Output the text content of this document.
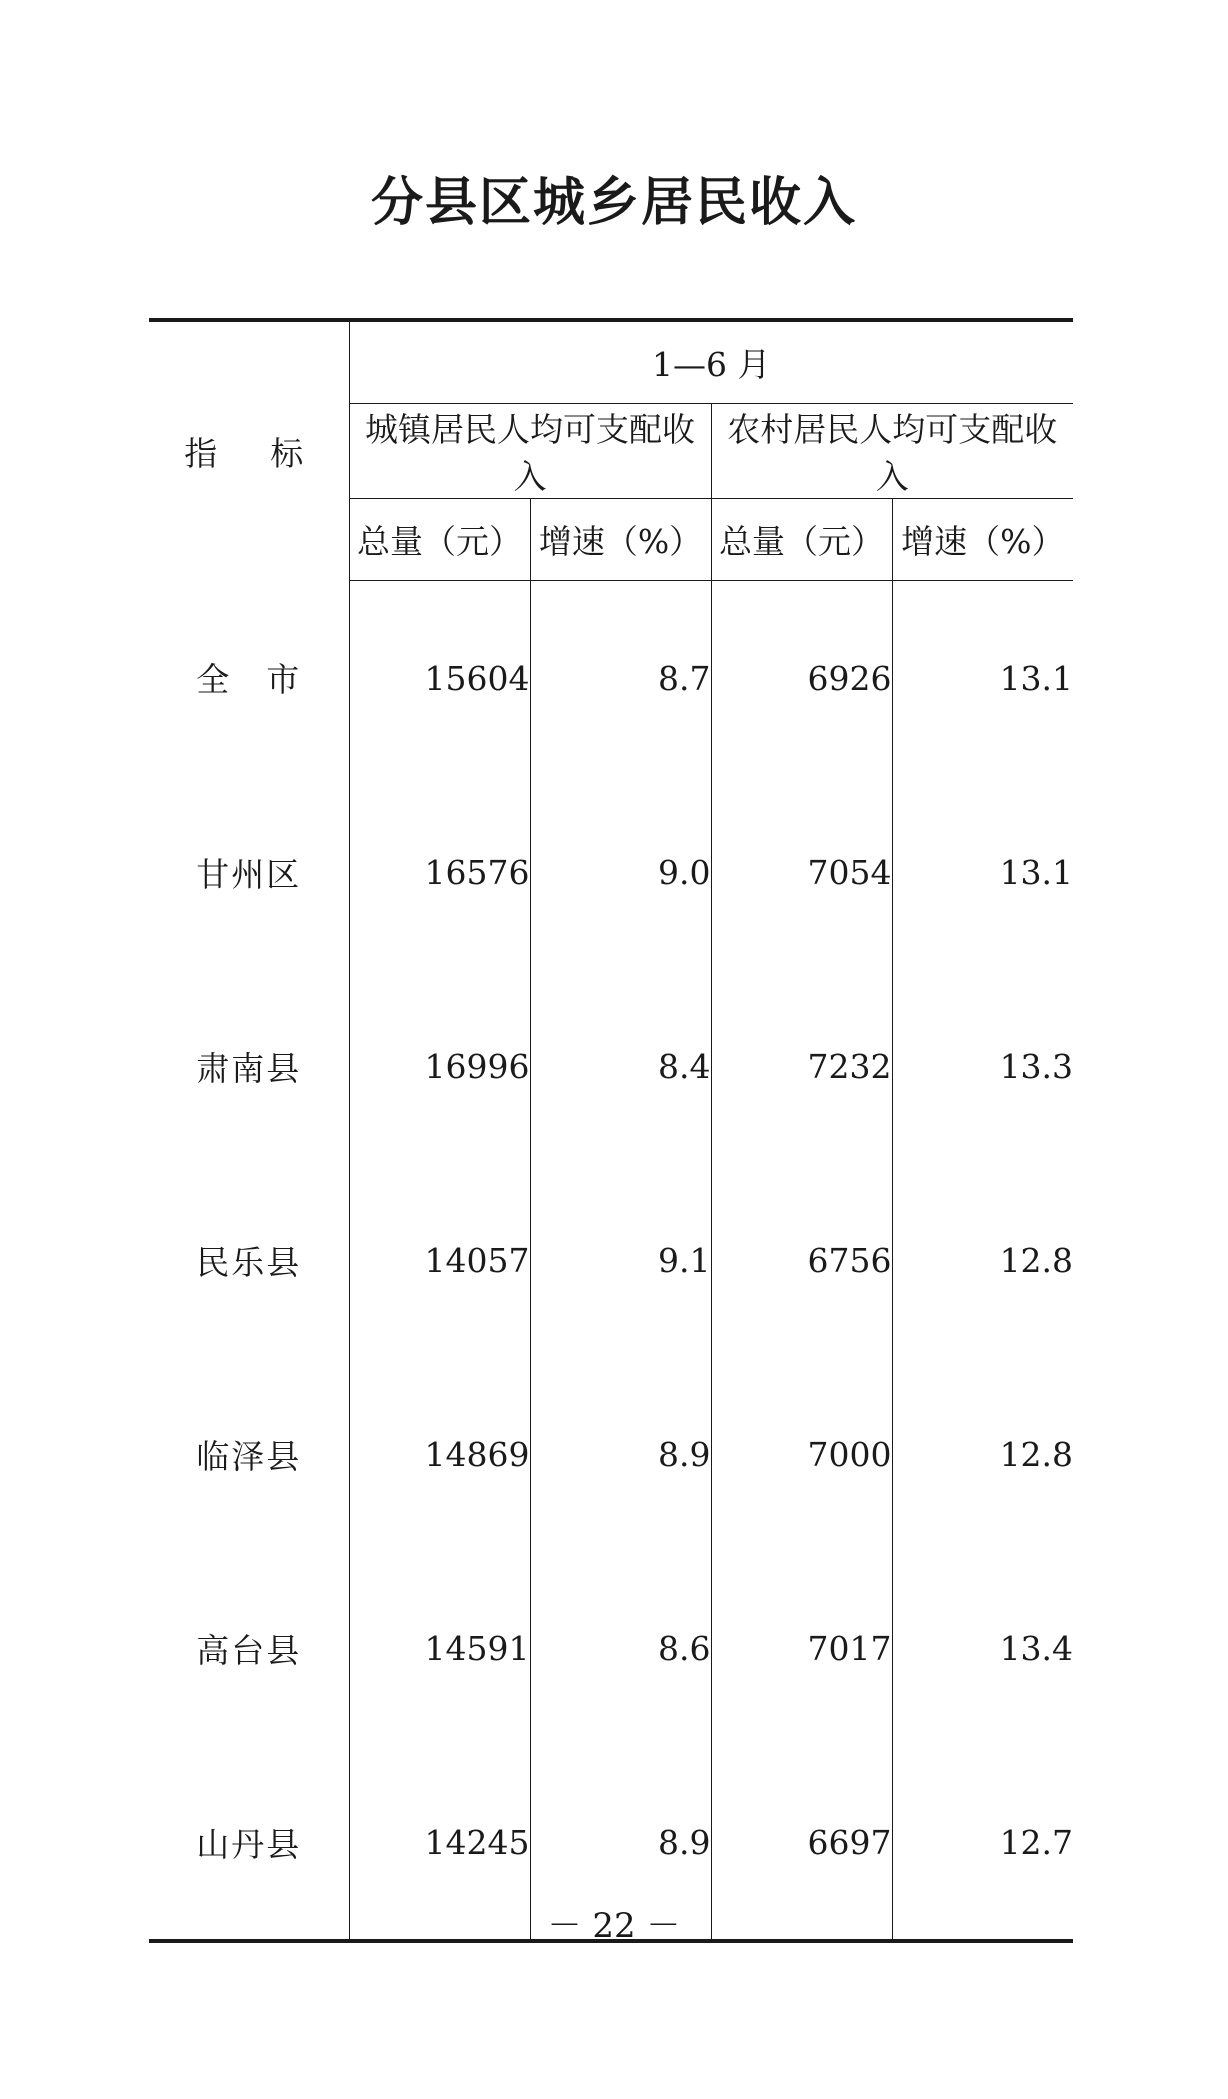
分县区城乡居民收入
指　标	1—6 月			
	城镇居民人均可支配收入		农村居民人均可支配收入	
	总量（元）	增速（%）	总量（元）	增速（%）
全　市	15604	8.7	6926	13.1
甘州区	16576	9.0	7054	13.1
肃南县	16996	8.4	7232	13.3
民乐县	14057	9.1	6756	12.8
临泽县	14869	8.9	7000	12.8
高台县	14591	8.6	7017	13.4
山丹县	14245	8.9	6697	12.7
－ 22 －
